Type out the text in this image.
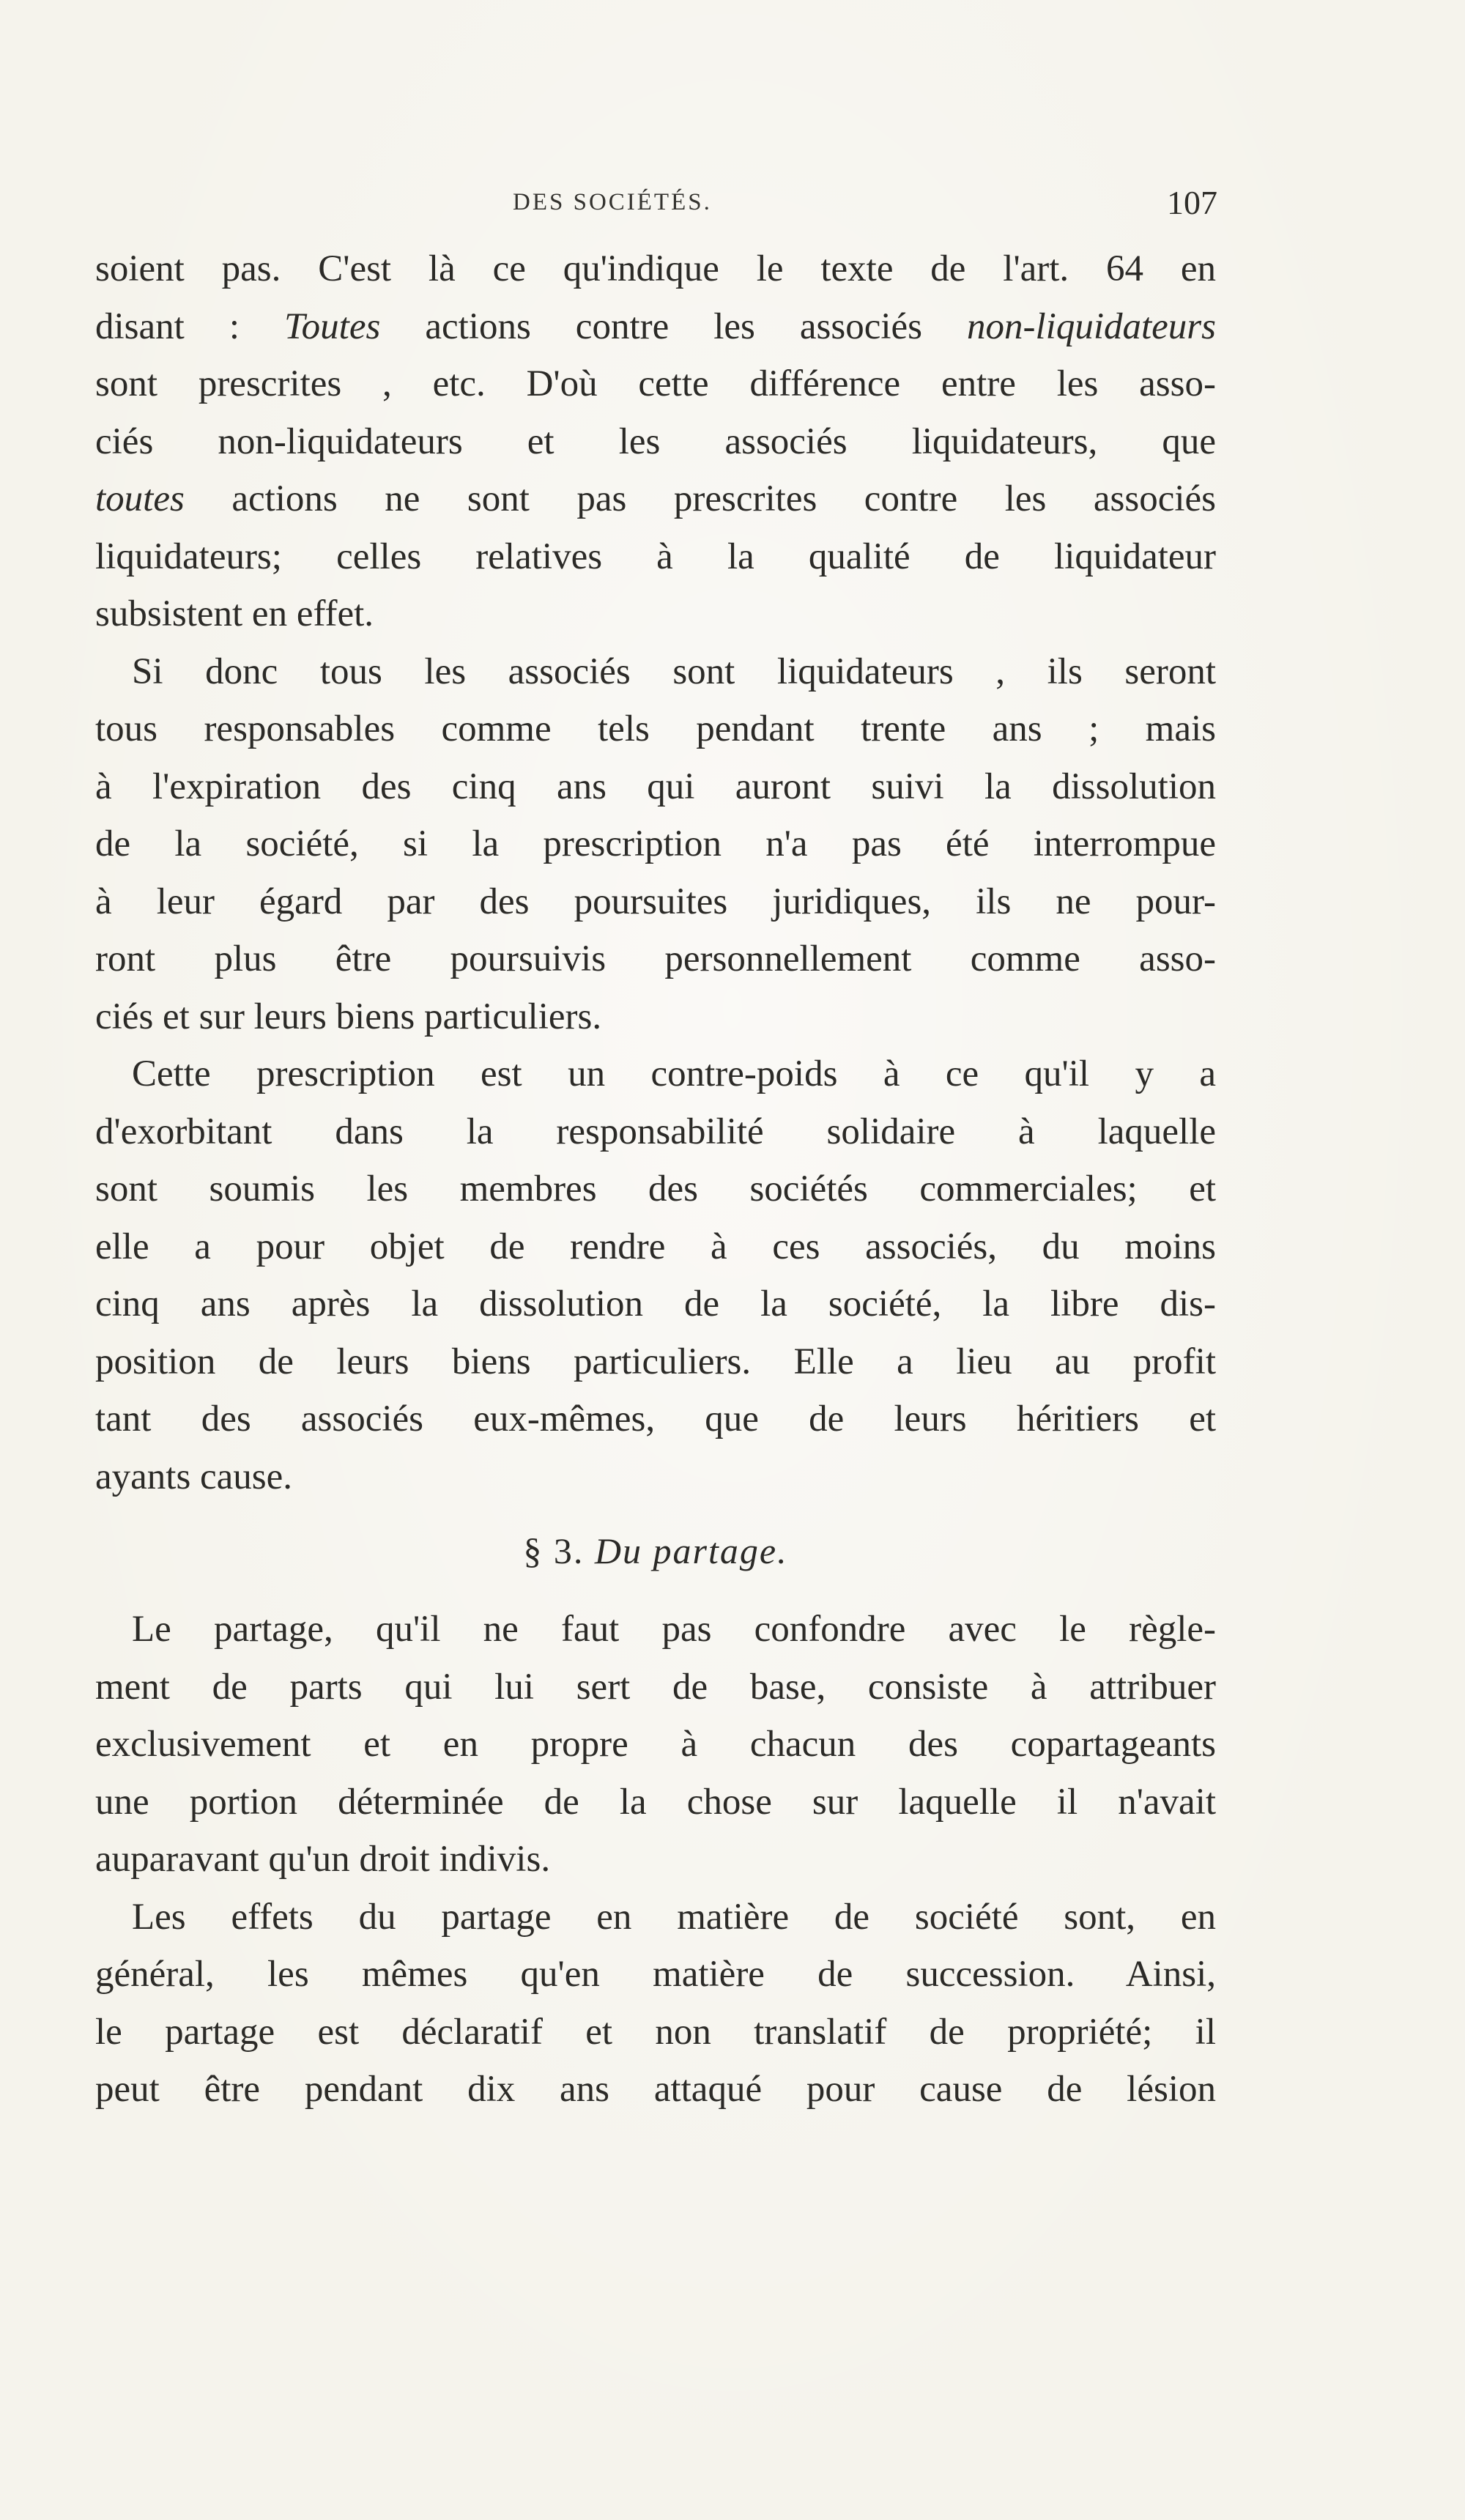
DES SOCIÉTÉS.	107
soient pas. C'est là ce qu'indique le texte de l'art. 64 en
disant : Toutes actions contre les associés non-liquidateurs
sont prescrites , etc. D'où cette différence entre les asso-
ciés non-liquidateurs et les associés liquidateurs, que
toutes actions ne sont pas prescrites contre les associés
liquidateurs; celles relatives à la qualité de liquidateur
subsistent en effet.
Si donc tous les associés sont liquidateurs , ils seront
tous responsables comme tels pendant trente ans ; mais
à l'expiration des cinq ans qui auront suivi la dissolution
de la société, si la prescription n'a pas été interrompue
à leur égard par des poursuites juridiques, ils ne pour-
ront plus être poursuivis personnellement comme asso-
ciés et sur leurs biens particuliers.
Cette prescription est un contre-poids à ce qu'il y a
d'exorbitant dans la responsabilité solidaire à laquelle
sont soumis les membres des sociétés commerciales; et
elle a pour objet de rendre à ces associés, du moins
cinq ans après la dissolution de la société, la libre dis-
position de leurs biens particuliers. Elle a lieu au profit
tant des associés eux-mêmes, que de leurs héritiers et
ayants cause.
§ 3. Du partage.
Le partage, qu'il ne faut pas confondre avec le règle-
ment de parts qui lui sert de base, consiste à attribuer
exclusivement et en propre à chacun des copartageants
une portion déterminée de la chose sur laquelle il n'avait
auparavant qu'un droit indivis.
Les effets du partage en matière de société sont, en
général, les mêmes qu'en matière de succession. Ainsi,
le partage est déclaratif et non translatif de propriété; il
peut être pendant dix ans attaqué pour cause de lésion
